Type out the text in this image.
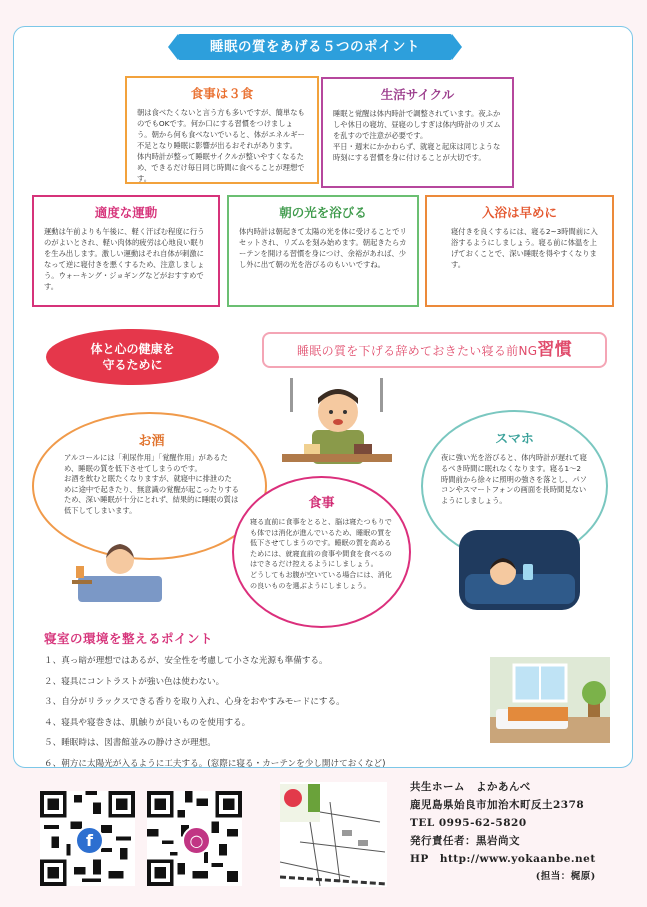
睡眠の質をあげる５つのポイント
食事は３食

朝は食べたくないと言う方も多いですが、簡単なものでもOKです。何か口にする習慣をつけましょう。朝から何も食べないでいると、体がエネルギー不足となり睡眠に影響が出るおそれがあります。
体内時計が整って睡眠サイクルが整いやすくなるため、できるだけ毎日同じ時間に食べることが理想です。

生活サイクル

睡眠と覚醒は体内時計で調整されています。夜ふかしや休日の寝坊、昼寝のしすぎは体内時計のリズムを乱すので注意が必要です。
平日・週末にかかわらず、就寝と起床は同じような時刻にする習慣を身に付けることが大切です。

適度な運動

運動は午前よりも午後に、軽く汗ばむ程度に行うのがよいとされ、軽い肉体的疲労は心地良い眠りを生み出します。激しい運動はそれ自体が刺激になって逆に寝付きを悪くするため、注意しましょう。ウォーキング・ジョギングなどがおすすめです。

朝の光を浴びる

体内時計は朝起きて太陽の光を体に受けることでリセットされ、リズムを刻み始めます。朝起きたらカーテンを開ける習慣を身につけ、余裕があれば、少し外に出て朝の光を浴びるのもいいですね。

入浴は早めに

寝付きを良くするには、寝る2~3時間前に入浴するようにしましょう。寝る前に体温を上げておくことで、深い睡眠を得やすくなります。

体と心の健康を
守るために
睡眠の質を下げる辞めておきたい寝る前NG習慣
お酒

アルコールには「利尿作用」「覚醒作用」があるため、睡眠の質を低下させてしまうのです。
お酒を飲むと眠たくなりますが、就寝中に排泄のために途中で起きたり、無意識の覚醒が起こったりするため、深い睡眠が十分にとれず、結果的に睡眠の質は低下してしまいます。

スマホ

夜に強い光を浴びると、体内時計が遅れて寝るべき時間に眠れなくなります。寝る1～2時間前から徐々に照明の強さを落とし、パソコンやスマートフォンの画面を長時間見ないようにしましょう。

食事

寝る直前に食事をとると、脳は寝たつもりでも体では消化が進んでいるため、睡眠の質を低下させてしまうのです。睡眠の質を高めるためには、就寝直前の食事や間食を食べるのはできるだけ控えるようにしましょう。
どうしてもお腹が空いている場合には、消化の良いものを選ぶようにしましょう。

寝室の環境を整えるポイント
１、真っ暗が理想ではあるが、安全性を考慮して小さな光源も準備する。
２、寝具にコントラストが強い色は使わない。
３、自分がリラックスできる香りを取り入れ、心身をおやすみモードにする。
４、寝具や寝巻きは、肌触りが良いものを使用する。
５、睡眠時は、図書館並みの静けさが理想。
６、朝方に太陽光が入るように工夫する。(窓際に寝る・カーテンを少し開けておくなど)
f	○
共生ホーム　よかあんべ
鹿児島県始良市加治木町反土2378
TEL 0995-62-5820
発行責任者：黒岩尚文
HP　http://www.yokaanbe.net
(担当：梶原)
